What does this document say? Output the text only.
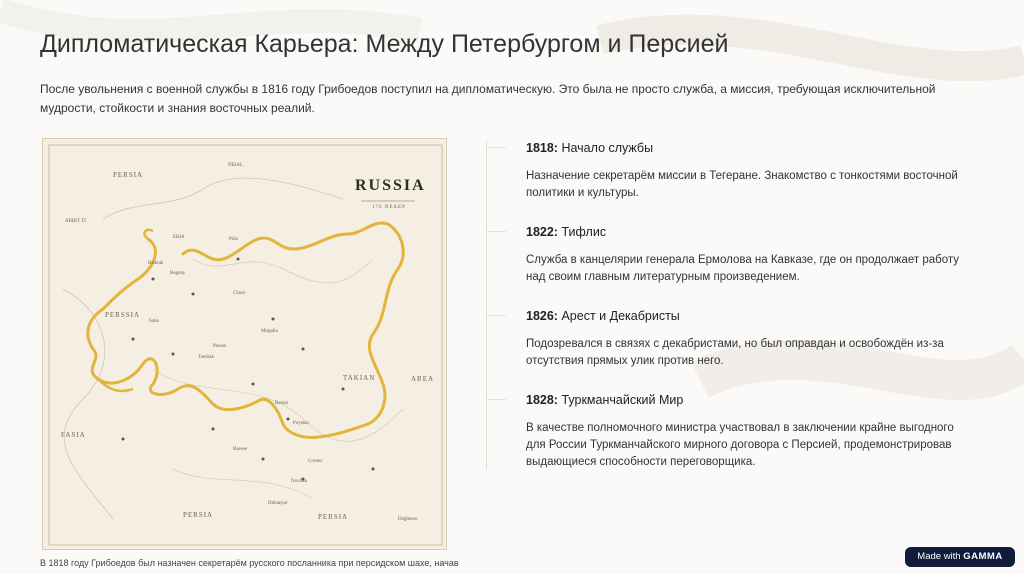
Дипломатическая Карьера: Между Петербургом и Персией
После увольнения с военной службы в 1816 году Грибоедов поступил на дипломатическую. Это была не просто служба, а миссия, требующая исключительной мудрости, стойкости и знания восточных реалий.
RUSSIA
170 NEAEP
PERSIA
PERSSIA
PERSIA	PERSIA
TAKIAN	AREA
FASIA
ABBIT TI
ERIA
NEIAL
Pola
Choel
Sabo
Piesan
Teedrak
Begnay
Bishrak
Bexnn
Coroes
Poystan
Baesee
Dnhaeyar
Novitaa
Degbeore
Mogalia
1818: Начало службы
Назначение секретарём миссии в Тегеране. Знакомство с тонкостями восточной политики и культуры.
1822: Тифлис
Служба в канцелярии генерала Ермолова на Кавказе, где он продолжает работу над своим главным литературным произведением.
1826: Арест и Декабристы
Подозревался в связях с декабристами, но был оправдан и освобождён из-за отсутствия прямых улик против него.
1828: Туркманчайский Мир
В качестве полномочного министра участвовал в заключении крайне выгодного для России Туркманчайского мирного договора с Персией, продемонстрировав выдающиеся способности переговорщика.
В 1818 году Грибоедов был назначен секретарём русского посланника при персидском шахе, начав
Made with GAMMA
